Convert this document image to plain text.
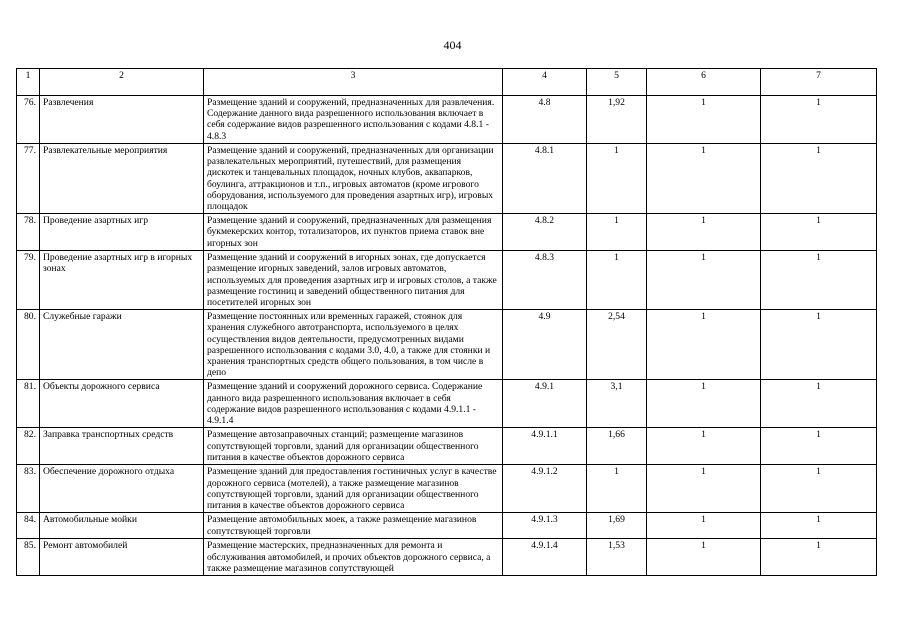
404
1	2	3	4	5	6	7
76.	Развлечения	Размещение зданий и сооружений, предназначенных для развлечения. Содержание данного вида разрешенного использования включает в себя содержание видов разрешенного использования с кодами 4.8.1 - 4.8.3	4.8	1,92	1	1
77.	Развлекательные мероприятия	Размещение зданий и сооружений, предназначенных для организации развлекательных мероприятий, путешествий, для размещения дискотек и танцевальных площадок, ночных клубов, аквапарков, боулинга, аттракционов и т.п., игровых автоматов (кроме игрового оборудования, используемого для проведения азартных игр), игровых площадок	4.8.1	1	1	1
78.	Проведение азартных игр	Размещение зданий и сооружений, предназначенных для размещения букмекерских контор, тотализаторов, их пунктов приема ставок вне игорных зон	4.8.2	1	1	1
79.	Проведение азартных игр в игорных зонах	Размещение зданий и сооружений в игорных зонах, где допускается размещение игорных заведений, залов игровых автоматов, используемых для проведения азартных игр и игровых столов, а также размещение гостиниц и заведений общественного питания для посетителей игорных зон	4.8.3	1	1	1
80.	Служебные гаражи	Размещение постоянных или временных гаражей, стоянок для хранения служебного автотранспорта, используемого в целях осуществления видов деятельности, предусмотренных видами разрешенного использования с кодами 3.0, 4.0, а также для стоянки и хранения транспортных средств общего пользования, в том числе в депо	4.9	2,54	1	1
81.	Объекты дорожного сервиса	Размещение зданий и сооружений дорожного сервиса. Содержание данного вида разрешенного использования включает в себя содержание видов разрешенного использования с кодами 4.9.1.1 - 4.9.1.4	4.9.1	3,1	1	1
82.	Заправка транспортных средств	Размещение автозаправочных станций; размещение магазинов сопутствующей торговли, зданий для организации общественного питания в качестве объектов дорожного сервиса	4.9.1.1	1,66	1	1
83.	Обеспечение дорожного отдыха	Размещение зданий для предоставления гостиничных услуг в качестве дорожного сервиса (мотелей), а также размещение магазинов сопутствующей торговли, зданий для организации общественного питания в качестве объектов дорожного сервиса	4.9.1.2	1	1	1
84.	Автомобильные мойки	Размещение автомобильных моек, а также размещение магазинов сопутствующей торговли	4.9.1.3	1,69	1	1
85.	Ремонт автомобилей	Размещение мастерских, предназначенных для ремонта и обслуживания автомобилей, и прочих объектов дорожного сервиса, а также размещение магазинов сопутствующей	4.9.1.4	1,53	1	1
